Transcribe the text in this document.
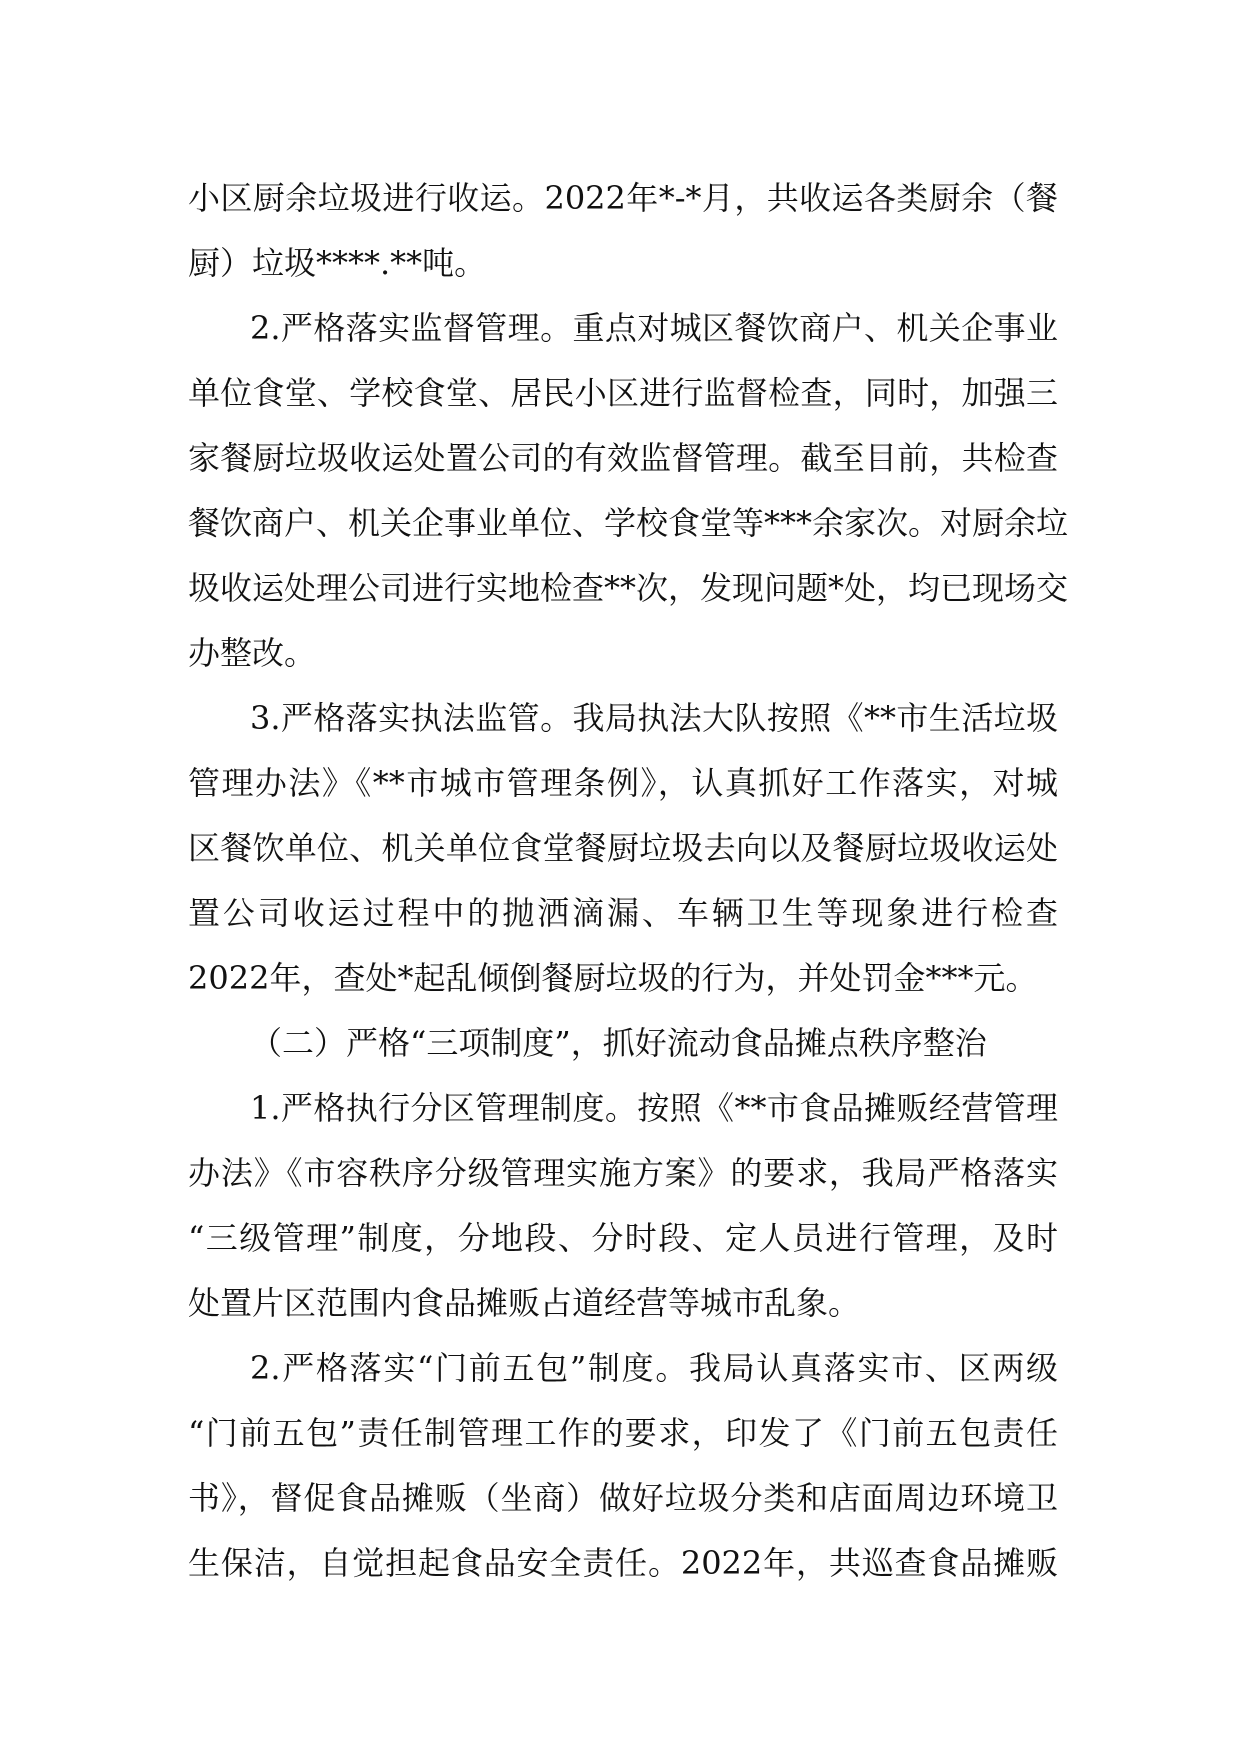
小区厨余垃圾进行收运。2022年*-*月，共收运各类厨余（餐
厨）垃圾****.**吨。
2.严格落实监督管理。重点对城区餐饮商户、机关企事业
单位食堂、学校食堂、居民小区进行监督检查，同时，加强三
家餐厨垃圾收运处置公司的有效监督管理。截至目前，共检查
餐饮商户、机关企事业单位、学校食堂等***余家次。对厨余垃
圾收运处理公司进行实地检查**次，发现问题*处，均已现场交
办整改。
3.严格落实执法监管。我局执法大队按照《**市生活垃圾
管理办法》《**市城市管理条例》，认真抓好工作落实，对城
区餐饮单位、机关单位食堂餐厨垃圾去向以及餐厨垃圾收运处
置公司收运过程中的抛洒滴漏、车辆卫生等现象进行检查
2022年，查处*起乱倾倒餐厨垃圾的行为，并处罚金***元。
（二）严格“三项制度”，抓好流动食品摊点秩序整治
1.严格执行分区管理制度。按照《**市食品摊贩经营管理
办法》《市容秩序分级管理实施方案》的要求，我局严格落实
“三级管理”制度，分地段、分时段、定人员进行管理，及时
处置片区范围内食品摊贩占道经营等城市乱象。
2.严格落实“门前五包”制度。我局认真落实市、区两级
“门前五包”责任制管理工作的要求，印发了《门前五包责任
书》，督促食品摊贩（坐商）做好垃圾分类和店面周边环境卫
生保洁，自觉担起食品安全责任。2022年，共巡查食品摊贩
